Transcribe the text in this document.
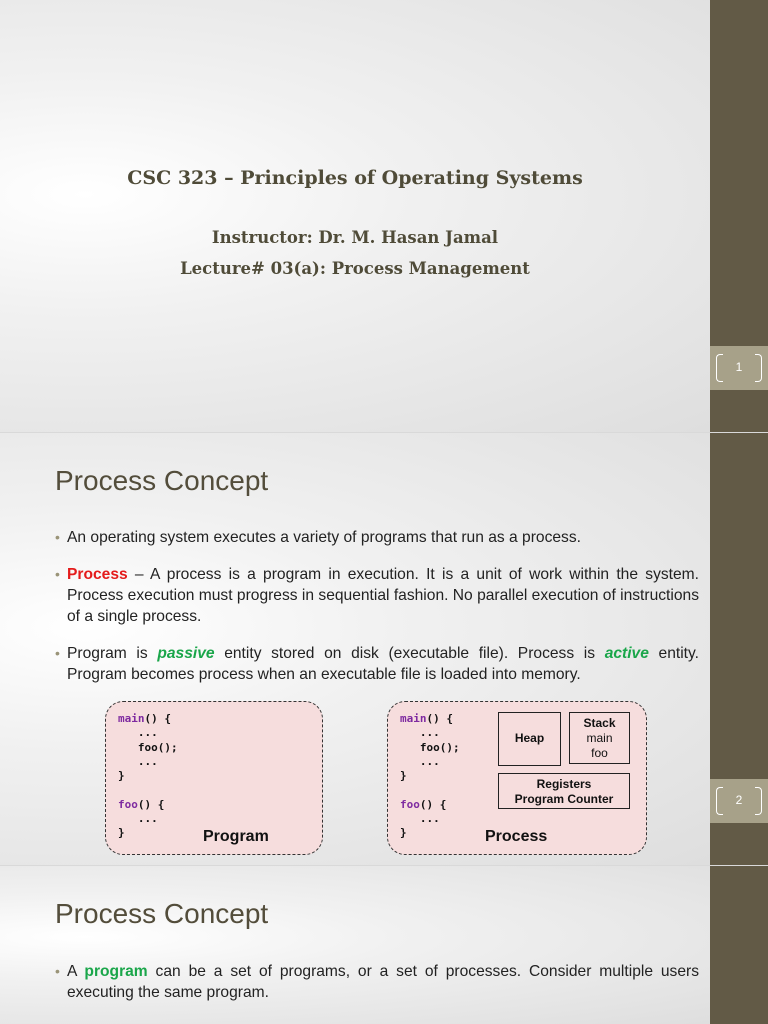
CSC 323 – Principles of Operating Systems
Instructor: Dr. M. Hasan Jamal
Lecture# 03(a): Process Management
1
Process Concept
• An operating system executes a variety of programs that run as a process.
• Process – A process is a program in execution. It is a unit of work within the system. Process execution must progress in sequential fashion. No parallel execution of instructions of a single process.
• Program is passive entity stored on disk (executable file). Process is active entity. Program becomes process when an executable file is loaded into memory.
main() {
...
foo();
...
}

foo() {
...
}	Program
main() {
...
foo();
...
}

foo() {
...
}
Heap
Stack
main
foo
Registers
Program Counter
Process
2
Process Concept
• A program can be a set of programs, or a set of processes. Consider multiple users executing the same program.
